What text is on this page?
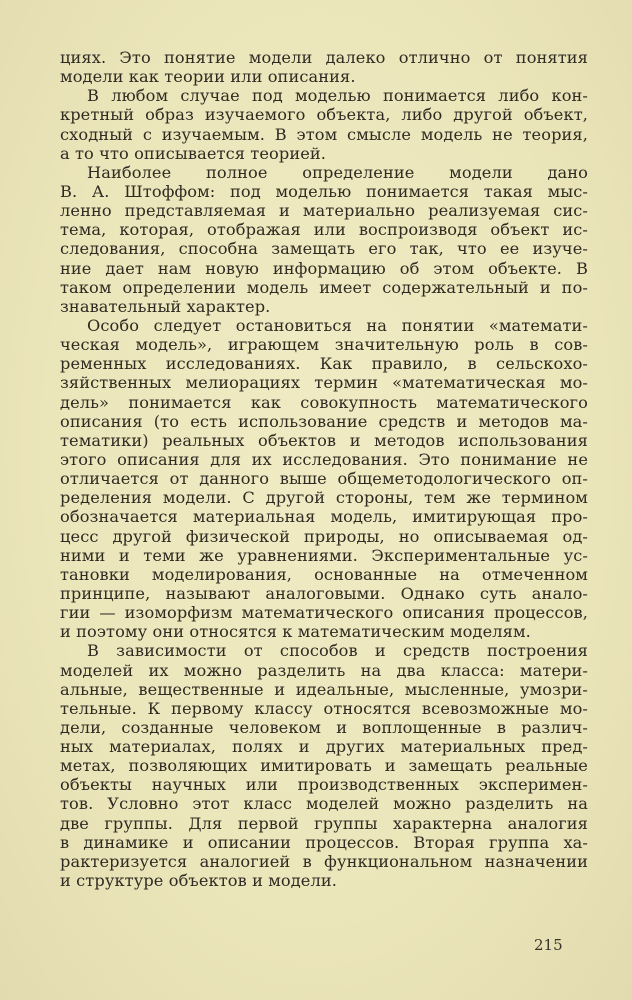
циях. Это понятие модели далеко отлично от понятия
модели как теории или описания.
В любом случае под моделью понимается либо кон-
кретный образ изучаемого объекта, либо другой объект,
сходный с изучаемым. В этом смысле модель не теория,
а то что описывается теорией.
Наиболее полное определение модели дано
В. А. Штоффом: под моделью понимается такая мыс-
ленно представляемая и материально реализуемая сис-
тема, которая, отображая или воспроизводя объект ис-
следования, способна замещать его так, что ее изуче-
ние дает нам новую информацию об этом объекте. В
таком определении модель имеет содержательный и по-
знавательный характер.
Особо следует остановиться на понятии «математи-
ческая модель», играющем значительную роль в сов-
ременных исследованиях. Как правило, в сельскохо-
зяйственных мелиорациях термин «математическая мо-
дель» понимается как совокупность математического
описания (то есть использование средств и методов ма-
тематики) реальных объектов и методов использования
этого описания для их исследования. Это понимание не
отличается от данного выше общеметодологического оп-
ределения модели. С другой стороны, тем же термином
обозначается материальная модель, имитирующая про-
цесс другой физической природы, но описываемая од-
ними и теми же уравнениями. Экспериментальные ус-
тановки моделирования, основанные на отмеченном
принципе, называют аналоговыми. Однако суть анало-
гии — изоморфизм математического описания процессов,
и поэтому они относятся к математическим моделям.
В зависимости от способов и средств построения
моделей их можно разделить на два класса: матери-
альные, вещественные и идеальные, мысленные, умозри-
тельные. К первому классу относятся всевозможные мо-
дели, созданные человеком и воплощенные в различ-
ных материалах, полях и других материальных пред-
метах, позволяющих имитировать и замещать реальные
объекты научных или производственных эксперимен-
тов. Условно этот класс моделей можно разделить на
две группы. Для первой группы характерна аналогия
в динамике и описании процессов. Вторая группа ха-
рактеризуется аналогией в функциональном назначении
и структуре объектов и модели.
215
